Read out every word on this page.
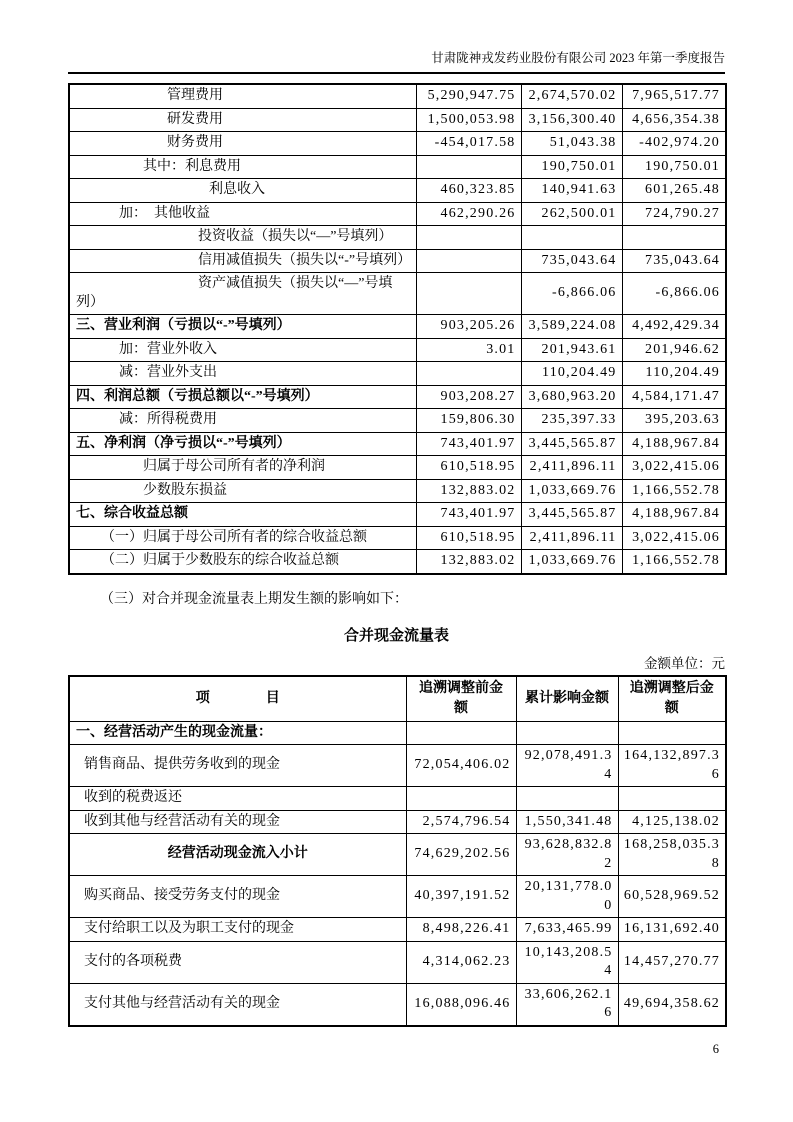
甘肃陇神戎发药业股份有限公司 2023 年第一季度报告
管理费用	5,290,947.75	2,674,570.02	7,965,517.77
研发费用	1,500,053.98	3,156,300.40	4,656,354.38
财务费用	-454,017.58	51,043.38	-402,974.20
其中：利息费用		190,750.01	190,750.01
利息收入	460,323.85	140,941.63	601,265.48
加：　其他收益	462,290.26	262,500.01	724,790.27
投资收益（损失以“—”号填列）			
信用减值损失（损失以“-”号填列）		735,043.64	735,043.64
资产减值损失（损失以“—”号填列）		-6,866.06	-6,866.06
三、营业利润（亏损以“-”号填列）	903,205.26	3,589,224.08	4,492,429.34
加：营业外收入	3.01	201,943.61	201,946.62
减：营业外支出		110,204.49	110,204.49
四、利润总额（亏损总额以“-”号填列）	903,208.27	3,680,963.20	4,584,171.47
减：所得税费用	159,806.30	235,397.33	395,203.63
五、净利润（净亏损以“-”号填列）	743,401.97	3,445,565.87	4,188,967.84
归属于母公司所有者的净利润	610,518.95	2,411,896.11	3,022,415.06
少数股东损益	132,883.02	1,033,669.76	1,166,552.78
七、综合收益总额	743,401.97	3,445,565.87	4,188,967.84
（一）归属于母公司所有者的综合收益总额	610,518.95	2,411,896.11	3,022,415.06
（二）归属于少数股东的综合收益总额	132,883.02	1,033,669.76	1,166,552.78

（三）对合并现金流量表上期发生额的影响如下：

合并现金流量表
金额单位：元
项　　　　目	追溯调整前金额	累计影响金额	追溯调整后金额
一、经营活动产生的现金流量：			
销售商品、提供劳务收到的现金	72,054,406.02	92,078,491.34	164,132,897.36
收到的税费返还			
收到其他与经营活动有关的现金	2,574,796.54	1,550,341.48	4,125,138.02
经营活动现金流入小计	74,629,202.56	93,628,832.82	168,258,035.38
购买商品、接受劳务支付的现金	40,397,191.52	20,131,778.00	60,528,969.52
支付给职工以及为职工支付的现金	8,498,226.41	7,633,465.99	16,131,692.40
支付的各项税费	4,314,062.23	10,143,208.54	14,457,270.77
支付其他与经营活动有关的现金	16,088,096.46	33,606,262.16	49,694,358.62
6
